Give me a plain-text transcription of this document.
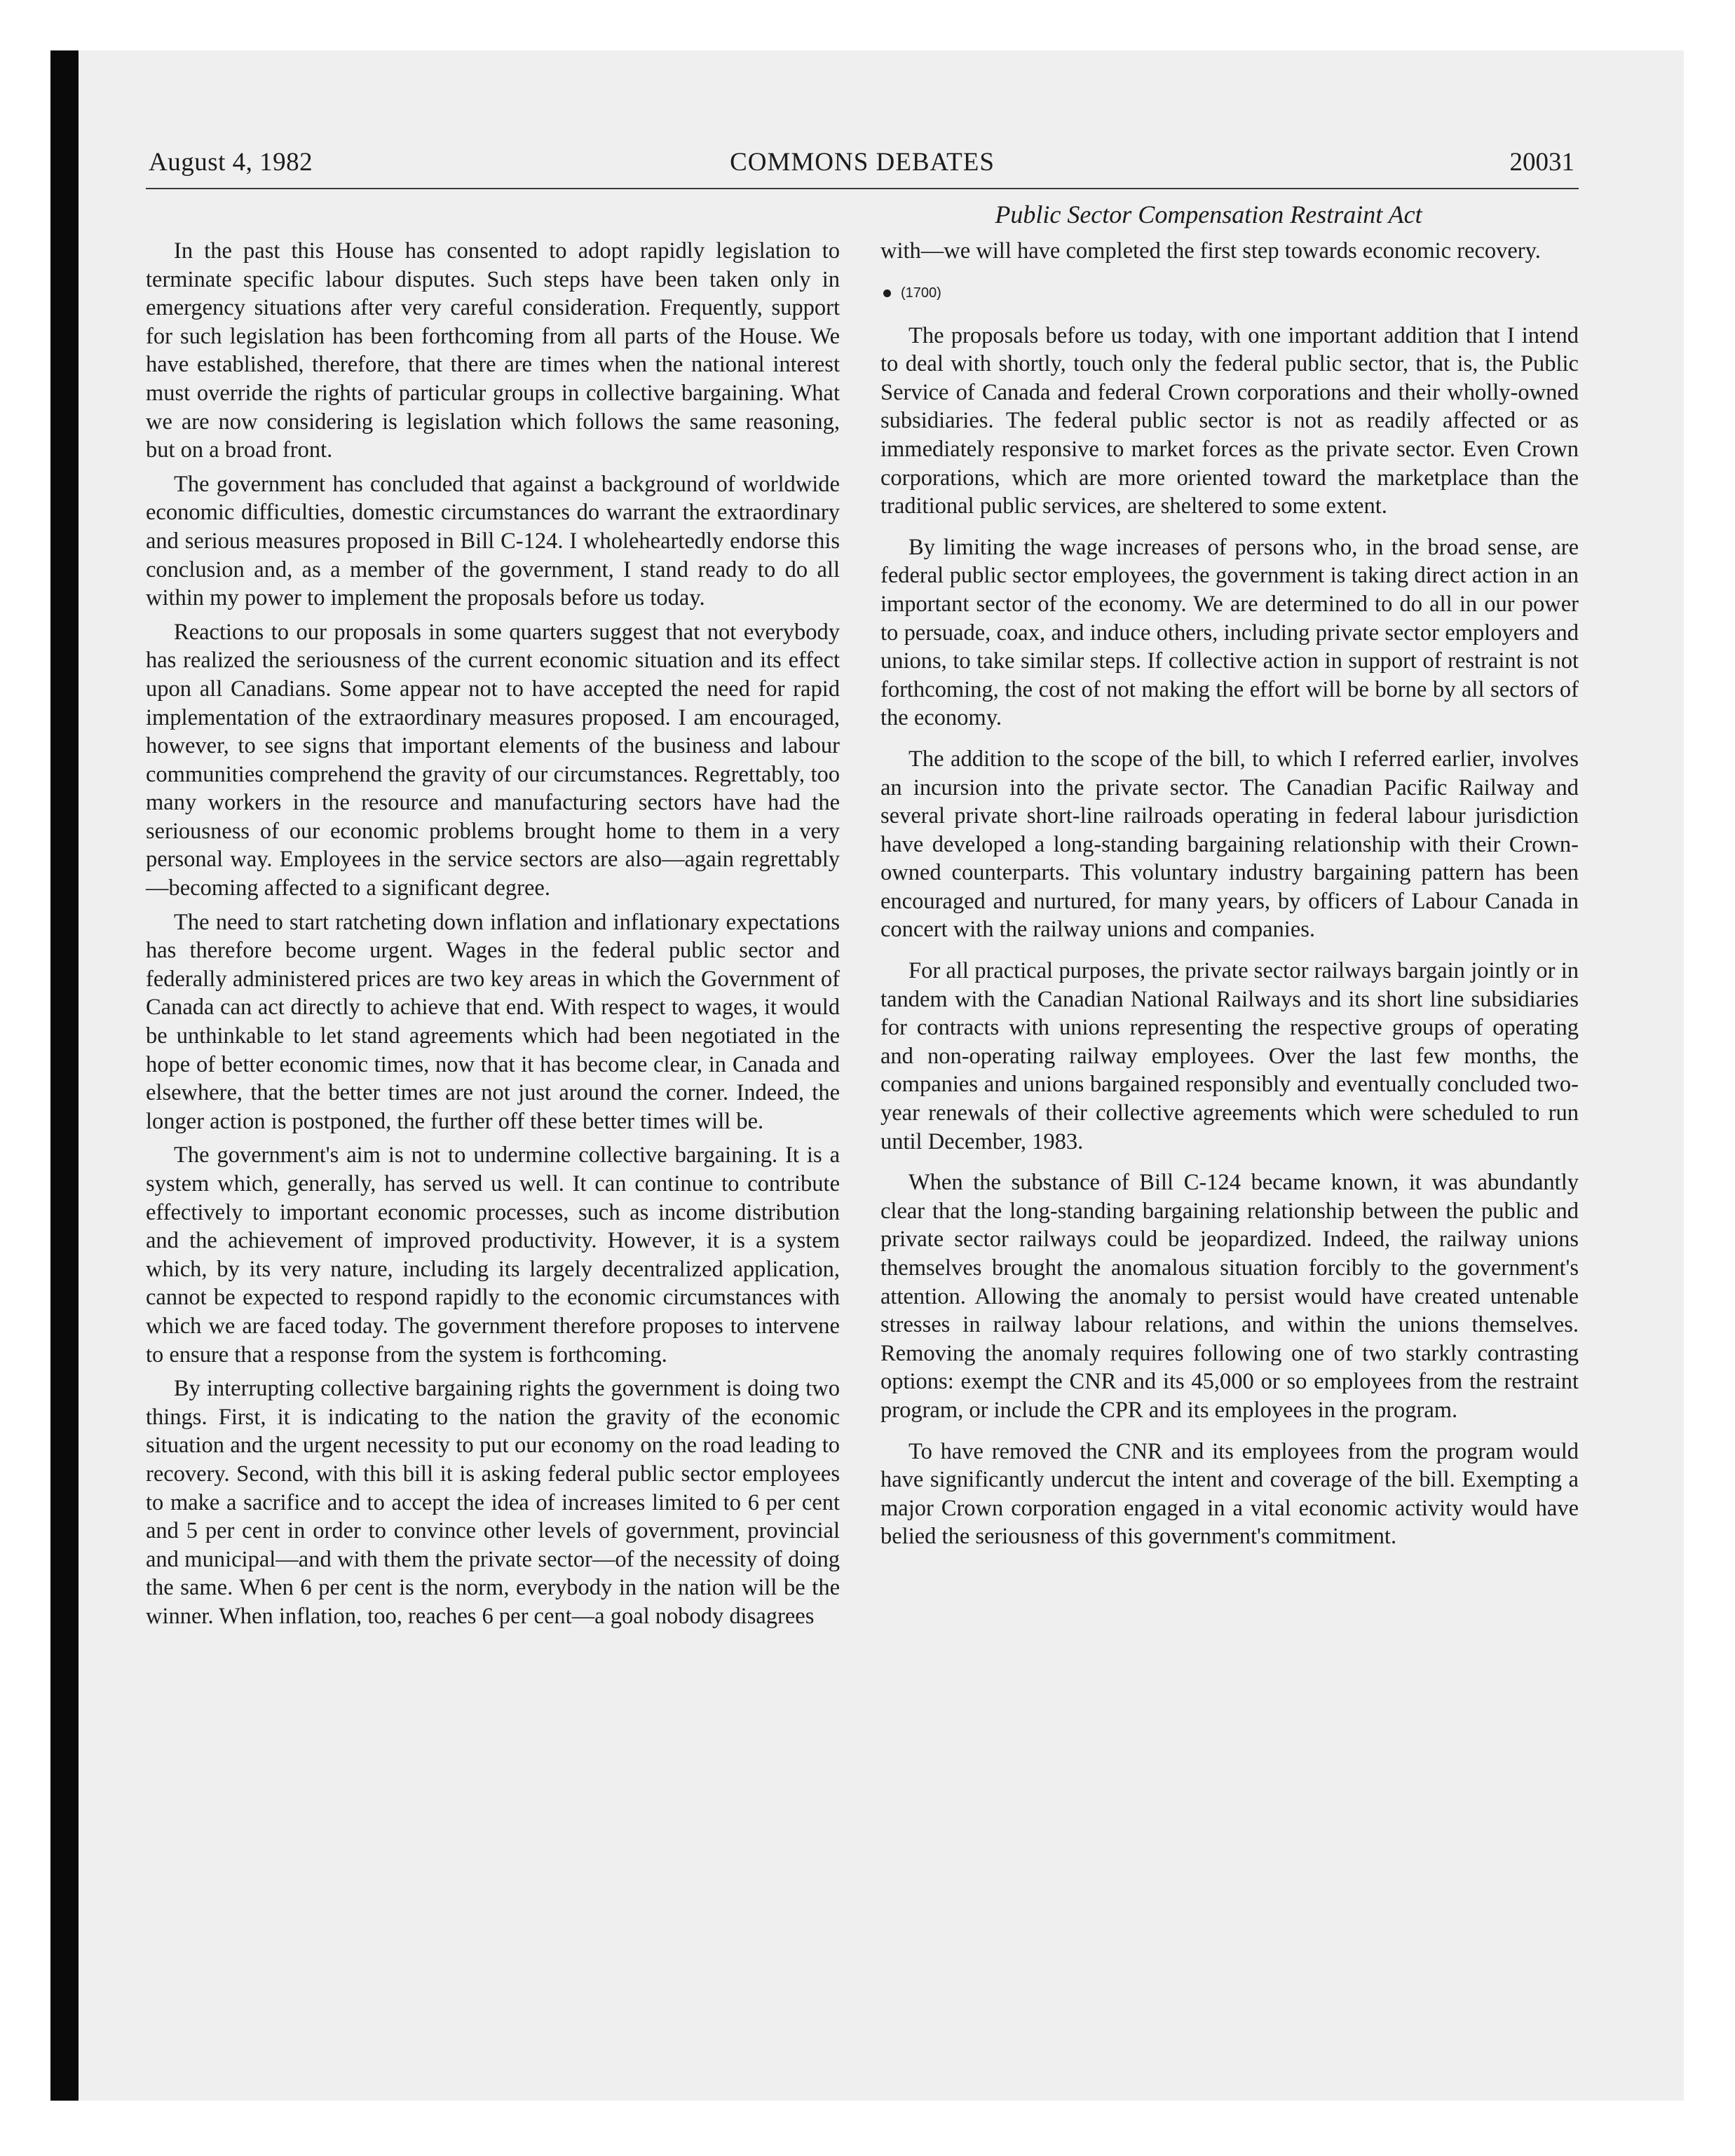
August 4, 1982	COMMONS DEBATES	20031
Public Sector Compensation Restraint Act

In the past this House has consented to adopt rapidly legislation to terminate specific labour disputes. Such steps have been taken only in emergency situations after very careful consideration. Frequently, support for such legislation has been forthcoming from all parts of the House. We have established, therefore, that there are times when the national interest must override the rights of particular groups in collective bargaining. What we are now considering is legislation which follows the same reasoning, but on a broad front.

The government has concluded that against a background of worldwide economic difficulties, domestic circumstances do warrant the extraordinary and serious measures proposed in Bill C-124. I wholeheartedly endorse this conclusion and, as a member of the government, I stand ready to do all within my power to implement the proposals before us today.

Reactions to our proposals in some quarters suggest that not everybody has realized the seriousness of the current economic situation and its effect upon all Canadians. Some appear not to have accepted the need for rapid implementation of the extraordinary measures proposed. I am encouraged, however, to see signs that important elements of the business and labour communities comprehend the gravity of our circumstances. Regrettably, too many workers in the resource and manufacturing sectors have had the seriousness of our economic problems brought home to them in a very personal way. Employees in the service sectors are also—again regrettably—becoming affected to a significant degree.

The need to start ratcheting down inflation and inflationary expectations has therefore become urgent. Wages in the federal public sector and federally administered prices are two key areas in which the Government of Canada can act directly to achieve that end. With respect to wages, it would be unthinkable to let stand agreements which had been negotiated in the hope of better economic times, now that it has become clear, in Canada and elsewhere, that the better times are not just around the corner. Indeed, the longer action is postponed, the further off these better times will be.

The government's aim is not to undermine collective bargaining. It is a system which, generally, has served us well. It can continue to contribute effectively to important economic processes, such as income distribution and the achievement of improved productivity. However, it is a system which, by its very nature, including its largely decentralized application, cannot be expected to respond rapidly to the economic circumstances with which we are faced today. The government therefore proposes to intervene to ensure that a response from the system is forthcoming.

By interrupting collective bargaining rights the government is doing two things. First, it is indicating to the nation the gravity of the economic situation and the urgent necessity to put our economy on the road leading to recovery. Second, with this bill it is asking federal public sector employees to make a sacrifice and to accept the idea of increases limited to 6 per cent and 5 per cent in order to convince other levels of government, provincial and municipal—and with them the private sector—of the necessity of doing the same. When 6 per cent is the norm, everybody in the nation will be the winner. When inflation, too, reaches 6 per cent—a goal nobody disagrees

with—we will have completed the first step towards economic recovery.

(1700)

The proposals before us today, with one important addition that I intend to deal with shortly, touch only the federal public sector, that is, the Public Service of Canada and federal Crown corporations and their wholly-owned subsidiaries. The federal public sector is not as readily affected or as immediately responsive to market forces as the private sector. Even Crown corporations, which are more oriented toward the marketplace than the traditional public services, are sheltered to some extent.

By limiting the wage increases of persons who, in the broad sense, are federal public sector employees, the government is taking direct action in an important sector of the economy. We are determined to do all in our power to persuade, coax, and induce others, including private sector employers and unions, to take similar steps. If collective action in support of restraint is not forthcoming, the cost of not making the effort will be borne by all sectors of the economy.

The addition to the scope of the bill, to which I referred earlier, involves an incursion into the private sector. The Canadian Pacific Railway and several private short-line railroads operating in federal labour jurisdiction have developed a long-standing bargaining relationship with their Crown-owned counterparts. This voluntary industry bargaining pattern has been encouraged and nurtured, for many years, by officers of Labour Canada in concert with the railway unions and companies.

For all practical purposes, the private sector railways bargain jointly or in tandem with the Canadian National Railways and its short line subsidiaries for contracts with unions representing the respective groups of operating and non-operating railway employees. Over the last few months, the companies and unions bargained responsibly and eventually concluded two-year renewals of their collective agreements which were scheduled to run until December, 1983.

When the substance of Bill C-124 became known, it was abundantly clear that the long-standing bargaining relationship between the public and private sector railways could be jeopardized. Indeed, the railway unions themselves brought the anomalous situation forcibly to the government's attention. Allowing the anomaly to persist would have created untenable stresses in railway labour relations, and within the unions themselves. Removing the anomaly requires following one of two starkly contrasting options: exempt the CNR and its 45,000 or so employees from the restraint program, or include the CPR and its employees in the program.

To have removed the CNR and its employees from the program would have significantly undercut the intent and coverage of the bill. Exempting a major Crown corporation engaged in a vital economic activity would have belied the seriousness of this government's commitment.
